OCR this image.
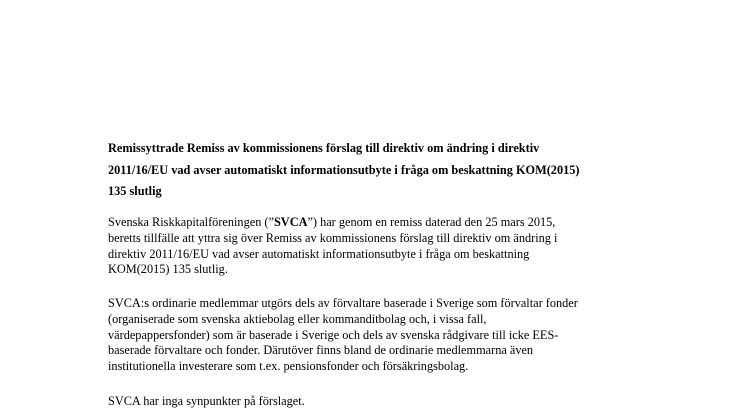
Remissyttrade Remiss av kommissionens förslag till direktiv om ändring i direktiv
2011/16/EU vad avser automatiskt informationsutbyte i fråga om beskattning KOM(2015)
135 slutlig

Svenska Riskkapitalföreningen (”SVCA”) har genom en remiss daterad den 25 mars 2015,
beretts tillfälle att yttra sig över Remiss av kommissionens förslag till direktiv om ändring i
direktiv 2011/16/EU vad avser automatiskt informationsutbyte i fråga om beskattning
KOM(2015) 135 slutlig.

SVCA:s ordinarie medlemmar utgörs dels av förvaltare baserade i Sverige som förvaltar fonder
(organiserade som svenska aktiebolag eller kommanditbolag och, i vissa fall,
värdepappersfonder) som är baserade i Sverige och dels av svenska rådgivare till icke EES-
baserade förvaltare och fonder. Därutöver finns bland de ordinarie medlemmarna även
institutionella investerare som t.ex. pensionsfonder och försäkringsbolag.

SVCA har inga synpunkter på förslaget.
